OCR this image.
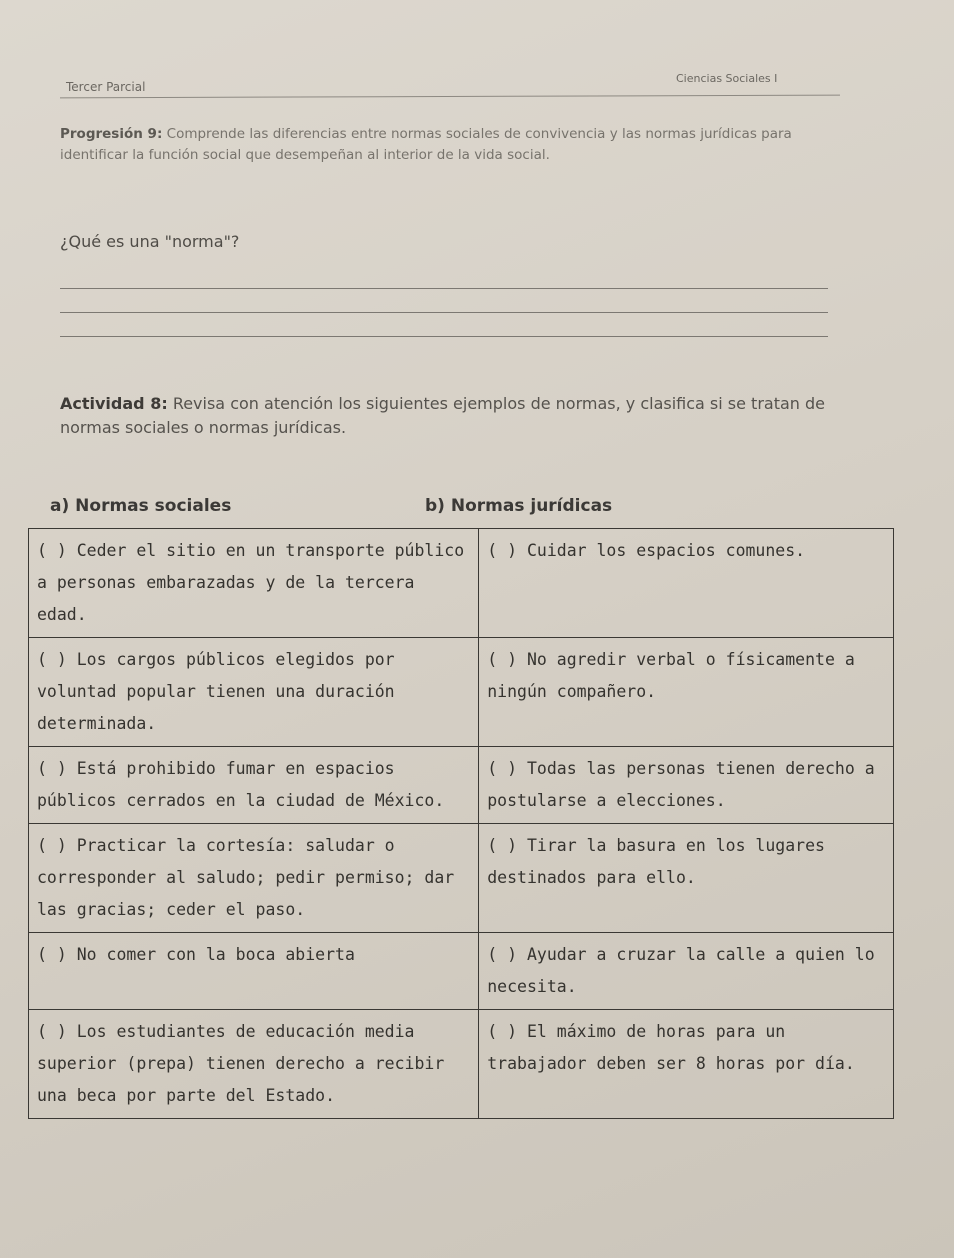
Tercer Parcial
Ciencias Sociales I
Progresión 9: Comprende las diferencias entre normas sociales de convivencia y las normas jurídicas para identificar la función social que desempeñan al interior de la vida social.
¿Qué es una "norma"?
Actividad 8: Revisa con atención los siguientes ejemplos de normas, y clasifica si se tratan de normas sociales o normas jurídicas.
a) Normas sociales	b) Normas jurídicas
( ) Ceder el sitio en un transporte público a personas embarazadas y de la tercera edad.	( ) Cuidar los espacios comunes.
( ) Los cargos públicos elegidos por voluntad popular tienen una duración determinada.	( ) No agredir verbal o físicamente a ningún compañero.
( ) Está prohibido fumar en espacios públicos cerrados en la ciudad de México.	( ) Todas las personas tienen derecho a postularse a elecciones.
( ) Practicar la cortesía: saludar o corresponder al saludo; pedir permiso; dar las gracias; ceder el paso.	( ) Tirar la basura en los lugares destinados para ello.
( ) No comer con la boca abierta	( ) Ayudar a cruzar la calle a quien lo necesita.
( ) Los estudiantes de educación media superior (prepa) tienen derecho a recibir una beca por parte del Estado.	( ) El máximo de horas para un trabajador deben ser 8 horas por día.
